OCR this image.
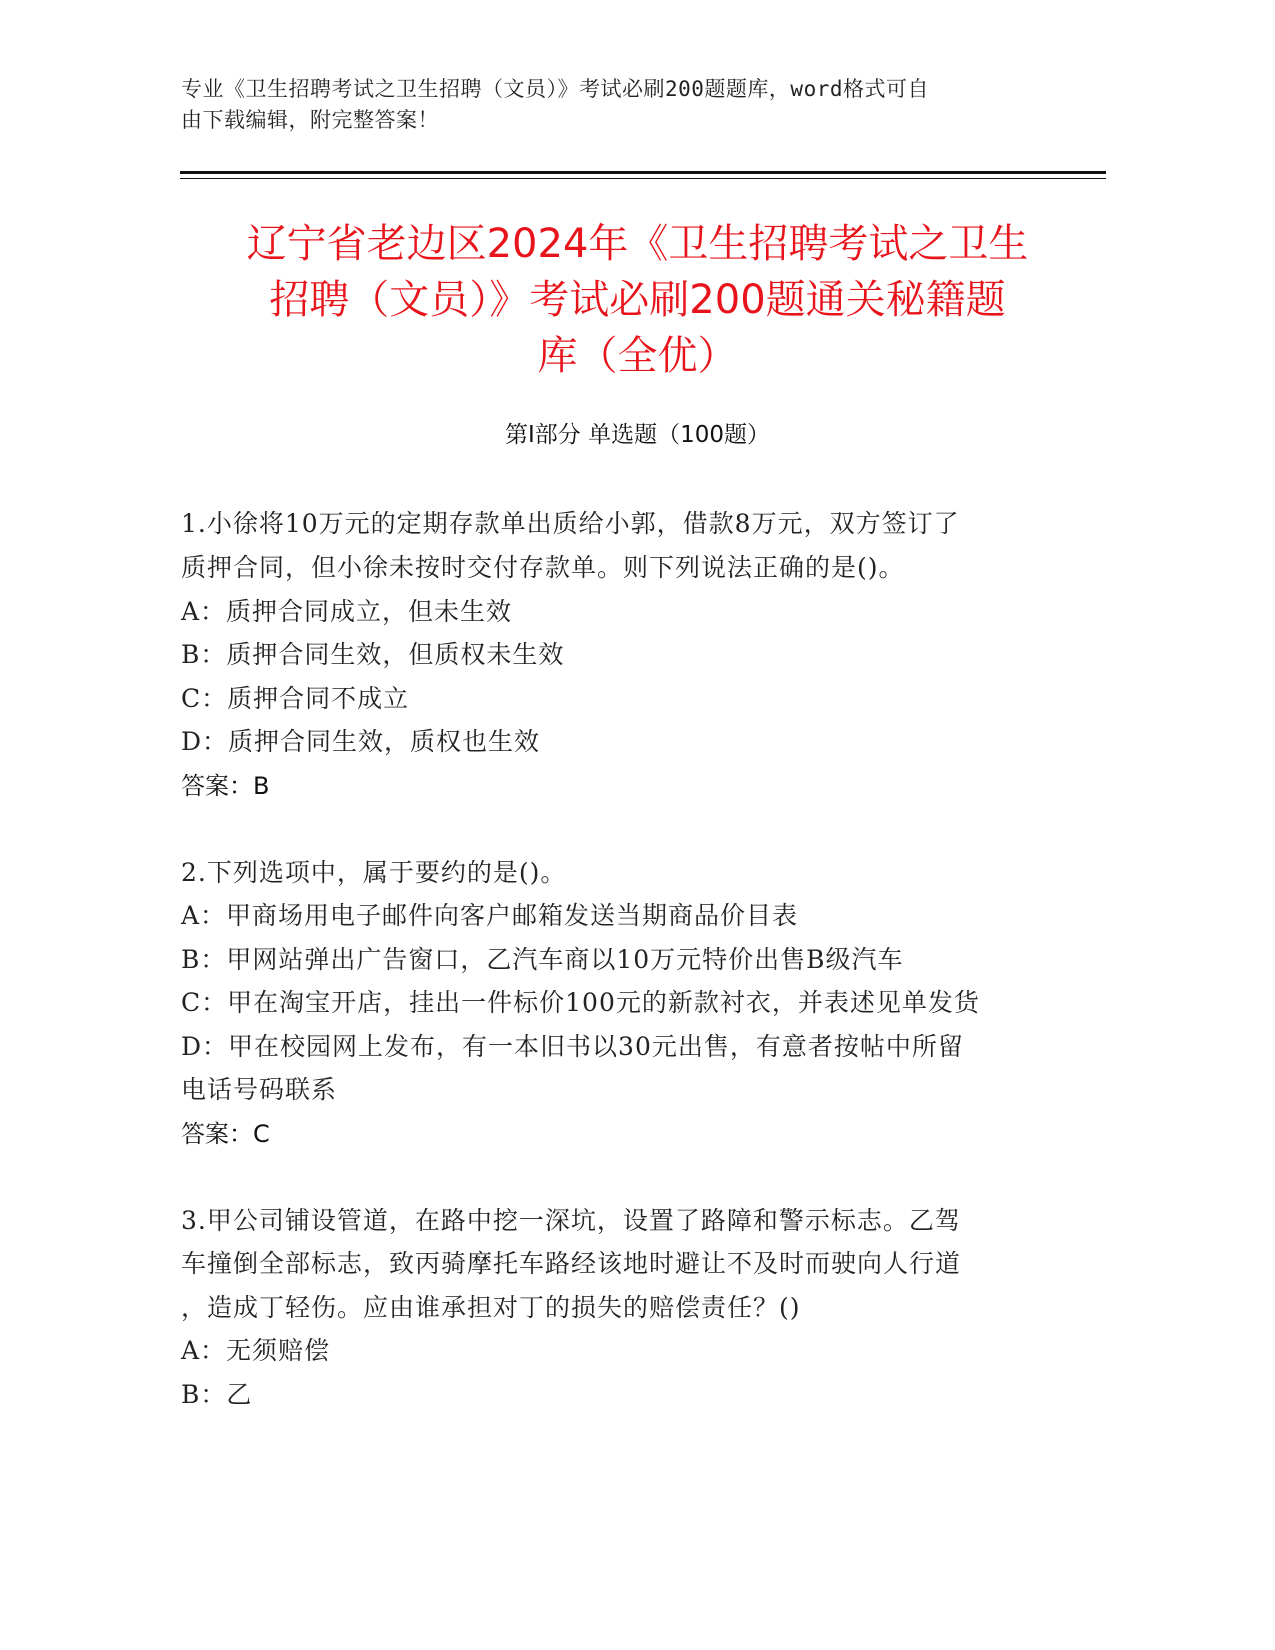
专业《卫生招聘考试之卫生招聘（文员）》考试必刷200题题库，word格式可自
由下载编辑，附完整答案！
辽宁省老边区2024年《卫生招聘考试之卫生
招聘（文员）》考试必刷200题通关秘籍题
库（全优）
第Ⅰ部分 单选题（100题）
1.小徐将10万元的定期存款单出质给小郭，借款8万元，双方签订了
质押合同，但小徐未按时交付存款单。则下列说法正确的是()。
A：质押合同成立，但未生效
B：质押合同生效，但质权未生效
C：质押合同不成立
D：质押合同生效，质权也生效
答案：B
2.下列选项中，属于要约的是()。
A：甲商场用电子邮件向客户邮箱发送当期商品价目表
B：甲网站弹出广告窗口，乙汽车商以10万元特价出售B级汽车
C：甲在淘宝开店，挂出一件标价100元的新款衬衣，并表述见单发货
D：甲在校园网上发布，有一本旧书以30元出售，有意者按帖中所留
电话号码联系
答案：C
3.甲公司铺设管道，在路中挖一深坑，设置了路障和警示标志。乙驾
车撞倒全部标志，致丙骑摩托车路经该地时避让不及时而驶向人行道
，造成丁轻伤。应由谁承担对丁的损失的赔偿责任？()
A：无须赔偿
B：乙
